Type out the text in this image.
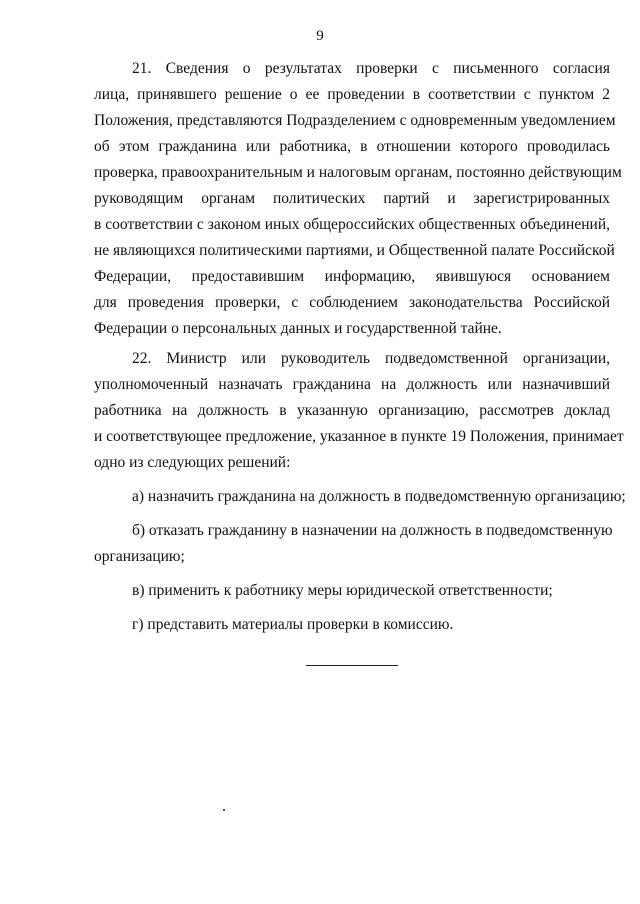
9
21. Сведения о результатах проверки с письменного согласия
лица, принявшего решение о ее проведении в соответствии с пунктом 2
Положения, представляются Подразделением с одновременным уведомлением
об этом гражданина или работника, в отношении которого проводилась
проверка, правоохранительным и налоговым органам, постоянно действующим
руководящим органам политических партий и зарегистрированных
в соответствии с законом иных общероссийских общественных объединений,
не являющихся политическими партиями, и Общественной палате Российской
Федерации, предоставившим информацию, явившуюся основанием
для проведения проверки, с соблюдением законодательства Российской
Федерации о персональных данных и государственной тайне.
22. Министр или руководитель подведомственной организации,
уполномоченный назначать гражданина на должность или назначивший
работника на должность в указанную организацию, рассмотрев доклад
и соответствующее предложение, указанное в пункте 19 Положения, принимает
одно из следующих решений:
а) назначить гражданина на должность в подведомственную организацию;
б) отказать гражданину в назначении на должность в подведомственную
организацию;
в) применить к работнику меры юридической ответственности;
г) представить материалы проверки в комиссию.
